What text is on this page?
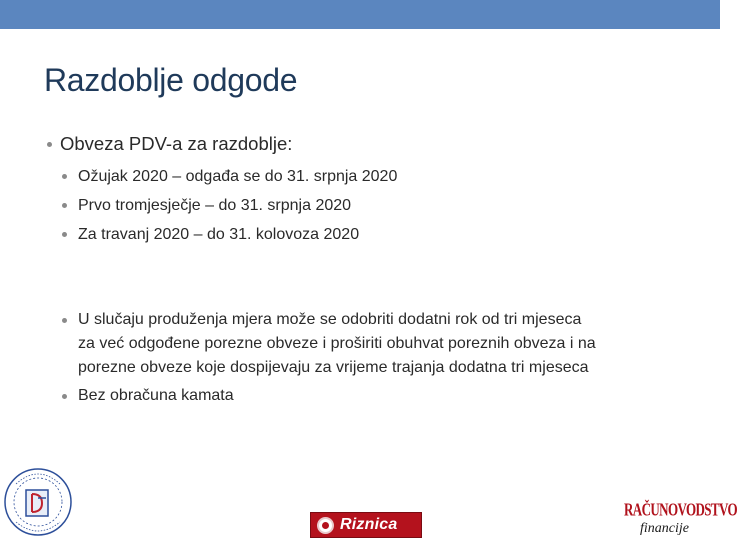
Razdoblje odgode
Obveza PDV-a za razdoblje:
Ožujak 2020 – odgađa se do 31. srpnja 2020
Prvo tromjesječje – do 31. srpnja 2020
Za travanj 2020 – do 31. kolovoza 2020
U slučaju produženja mjera može se odobriti dodatni rok od tri mjeseca
za već odgođene porezne obveze i proširiti obuhvat poreznih obveza i na
porezne obveze koje dospijevaju za vrijeme trajanja dodatna tri mjeseca
Bez obračuna kamata
Riznica
RAČUNOVODSTVO
financije
